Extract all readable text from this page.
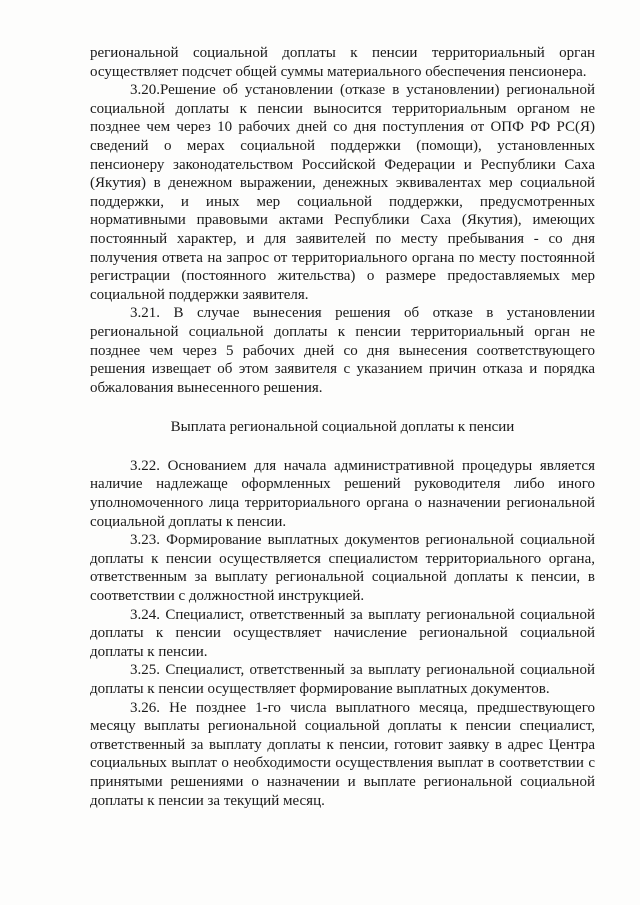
региональной социальной доплаты к пенсии территориальный орган осуществляет подсчет общей суммы материального обеспечения пенсионера.

3.20.Решение об установлении (отказе в установлении) региональной социальной доплаты к пенсии выносится территориальным органом не позднее чем через 10 рабочих дней со дня поступления от ОПФ РФ РС(Я) сведений о мерах социальной поддержки (помощи), установленных пенсионеру законодательством Российской Федерации и Республики Саха (Якутия) в денежном выражении, денежных эквивалентах мер социальной поддержки, и иных мер социальной поддержки, предусмотренных нормативными правовыми актами Республики Саха (Якутия), имеющих постоянный характер, и для заявителей по месту пребывания - со дня получения ответа на запрос от территориального органа по месту постоянной регистрации (постоянного жительства) о размере предоставляемых мер социальной поддержки заявителя.

3.21. В случае вынесения решения об отказе в установлении региональной социальной доплаты к пенсии территориальный орган не позднее чем через 5 рабочих дней со дня вынесения соответствующего решения извещает об этом заявителя с указанием причин отказа и порядка обжалования вынесенного решения.

Выплата региональной социальной доплаты к пенсии

3.22. Основанием для начала административной процедуры является наличие надлежаще оформленных решений руководителя либо иного уполномоченного лица территориального органа о назначении региональной социальной доплаты к пенсии.

3.23. Формирование выплатных документов региональной социальной доплаты к пенсии осуществляется специалистом территориального органа, ответственным за выплату региональной социальной доплаты к пенсии, в соответствии с должностной инструкцией.

3.24. Специалист, ответственный за выплату региональной социальной доплаты к пенсии осуществляет начисление региональной социальной доплаты к пенсии.

3.25. Специалист, ответственный за выплату региональной социальной доплаты к пенсии осуществляет формирование выплатных документов.

3.26. Не позднее 1-го числа выплатного месяца, предшествующего месяцу выплаты региональной социальной доплаты к пенсии специалист, ответственный за выплату доплаты к пенсии, готовит заявку в адрес Центра социальных выплат о необходимости осуществления выплат в соответствии с принятыми решениями о назначении и выплате региональной социальной доплаты к пенсии за текущий месяц.
